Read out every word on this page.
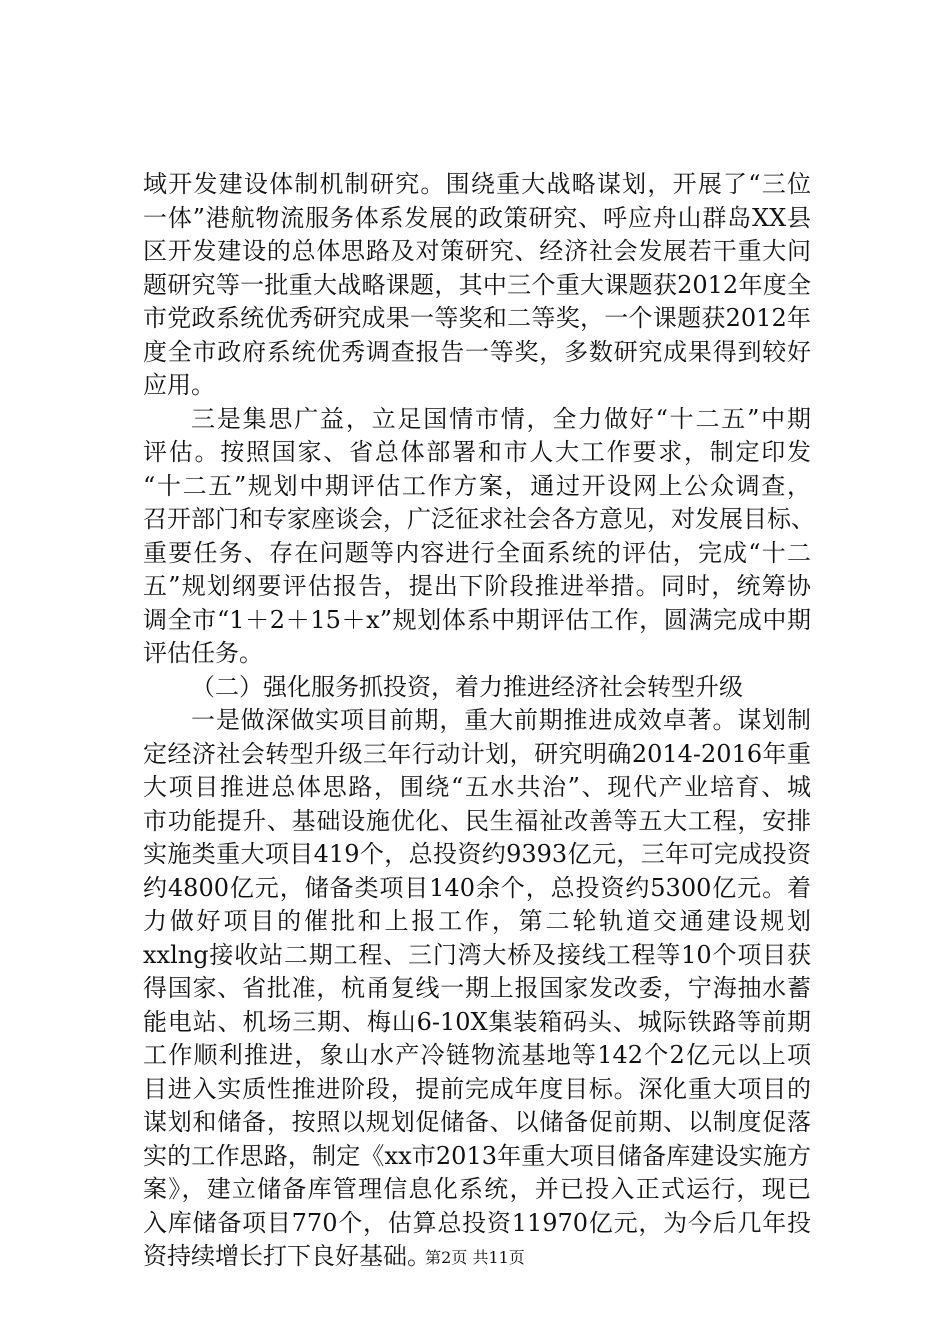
域开发建设体制机制研究。围绕重大战略谋划，开展了“三位
一体”港航物流服务体系发展的政策研究、呼应舟山群岛XX县
区开发建设的总体思路及对策研究、经济社会发展若干重大问
题研究等一批重大战略课题，其中三个重大课题获2012年度全
市党政系统优秀研究成果一等奖和二等奖，一个课题获2012年
度全市政府系统优秀调查报告一等奖，多数研究成果得到较好
应用。
三是集思广益，立足国情市情，全力做好“十二五”中期
评估。按照国家、省总体部署和市人大工作要求，制定印发
“十二五”规划中期评估工作方案，通过开设网上公众调查，
召开部门和专家座谈会，广泛征求社会各方意见，对发展目标、
重要任务、存在问题等内容进行全面系统的评估，完成“十二
五”规划纲要评估报告，提出下阶段推进举措。同时，统筹协
调全市“1＋2＋15＋x”规划体系中期评估工作，圆满完成中期
评估任务。
（二）强化服务抓投资，着力推进经济社会转型升级
一是做深做实项目前期，重大前期推进成效卓著。谋划制
定经济社会转型升级三年行动计划，研究明确2014-2016年重
大项目推进总体思路，围绕“五水共治”、现代产业培育、城
市功能提升、基础设施优化、民生福祉改善等五大工程，安排
实施类重大项目419个，总投资约9393亿元，三年可完成投资
约4800亿元，储备类项目140余个，总投资约5300亿元。着
力做好项目的催批和上报工作，第二轮轨道交通建设规划
xxlng接收站二期工程、三门湾大桥及接线工程等10个项目获
得国家、省批准，杭甬复线一期上报国家发改委，宁海抽水蓄
能电站、机场三期、梅山6-10X集装箱码头、城际铁路等前期
工作顺利推进，象山水产冷链物流基地等142个2亿元以上项
目进入实质性推进阶段，提前完成年度目标。深化重大项目的
谋划和储备，按照以规划促储备、以储备促前期、以制度促落
实的工作思路，制定《xx市2013年重大项目储备库建设实施方
案》，建立储备库管理信息化系统，并已投入正式运行，现已
入库储备项目770个，估算总投资11970亿元，为今后几年投
资持续增长打下良好基础。
第2页 共11页
